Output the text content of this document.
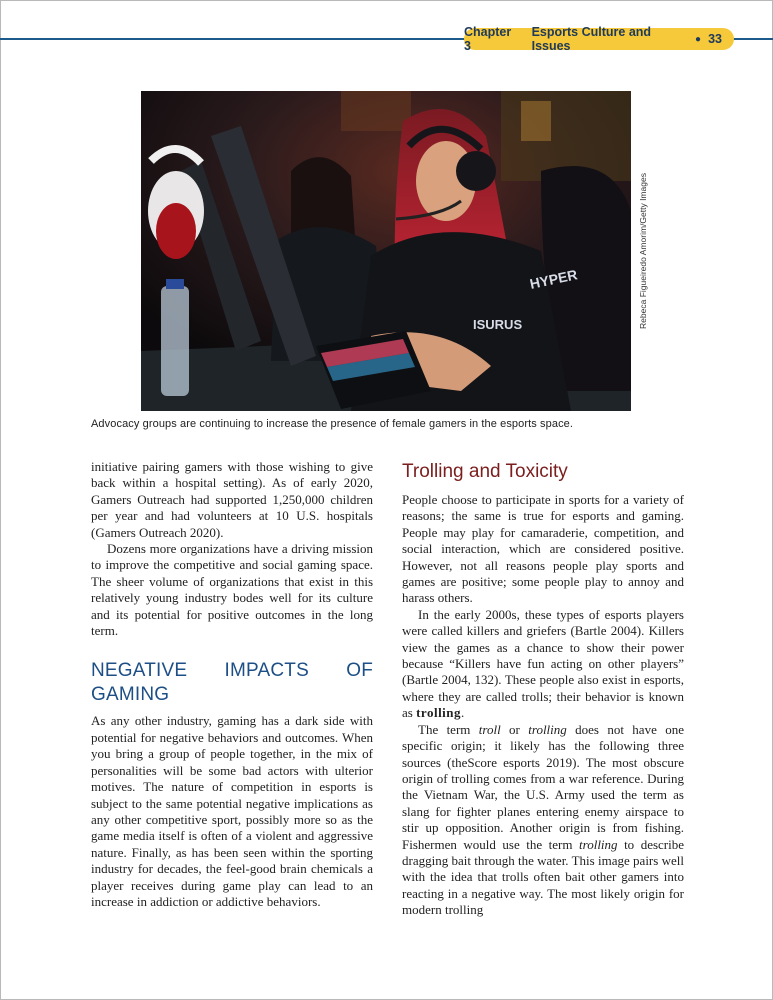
Chapter 3
Esports Culture and Issues	● 33
ISURUS
HYPER	Rebeca Figueiredo Amorim/Getty Images
Advocacy groups are continuing to increase the presence of female gamers in the esports space.

initiative pairing gamers with those wishing to give back within a hospital setting). As of early 2020, Gamers Outreach had supported 1,250,000 children per year and had volunteers at 10 U.S. hospitals (Gamers Outreach 2020).

Dozens more organizations have a driving mission to improve the competitive and social gaming space. The sheer volume of organizations that exist in this relatively young industry bodes well for its culture and its potential for positive outcomes in the long term.

NEGATIVE IMPACTS OF GAMING

As any other industry, gaming has a dark side with potential for negative behaviors and outcomes. When you bring a group of people together, in the mix of personalities will be some bad actors with ulterior motives. The nature of competition in esports is subject to the same potential negative implications as any other competitive sport, possibly more so as the game media itself is often of a violent and aggressive nature. Finally, as has been seen within the sporting industry for decades, the feel-good brain chemicals a player receives during game play can lead to an increase in addiction or addictive behaviors.

Trolling and Toxicity

People choose to participate in sports for a variety of reasons; the same is true for esports and gaming. People may play for camaraderie, competition, and social interaction, which are considered positive. However, not all reasons people play sports and games are positive; some people play to annoy and harass others.

In the early 2000s, these types of esports players were called killers and griefers (Bartle 2004). Killers view the games as a chance to show their power because “Killers have fun acting on other players” (Bartle 2004, 132). These people also exist in esports, where they are called trolls; their behavior is known as trolling.

The term troll or trolling does not have one specific origin; it likely has the following three sources (theScore esports 2019). The most obscure origin of trolling comes from a war reference. During the Vietnam War, the U.S. Army used the term as slang for fighter planes entering enemy airspace to stir up opposition. Another origin is from fishing. Fishermen would use the term trolling to describe dragging bait through the water. This image pairs well with the idea that trolls often bait other gamers into reacting in a negative way. The most likely origin for modern trolling
